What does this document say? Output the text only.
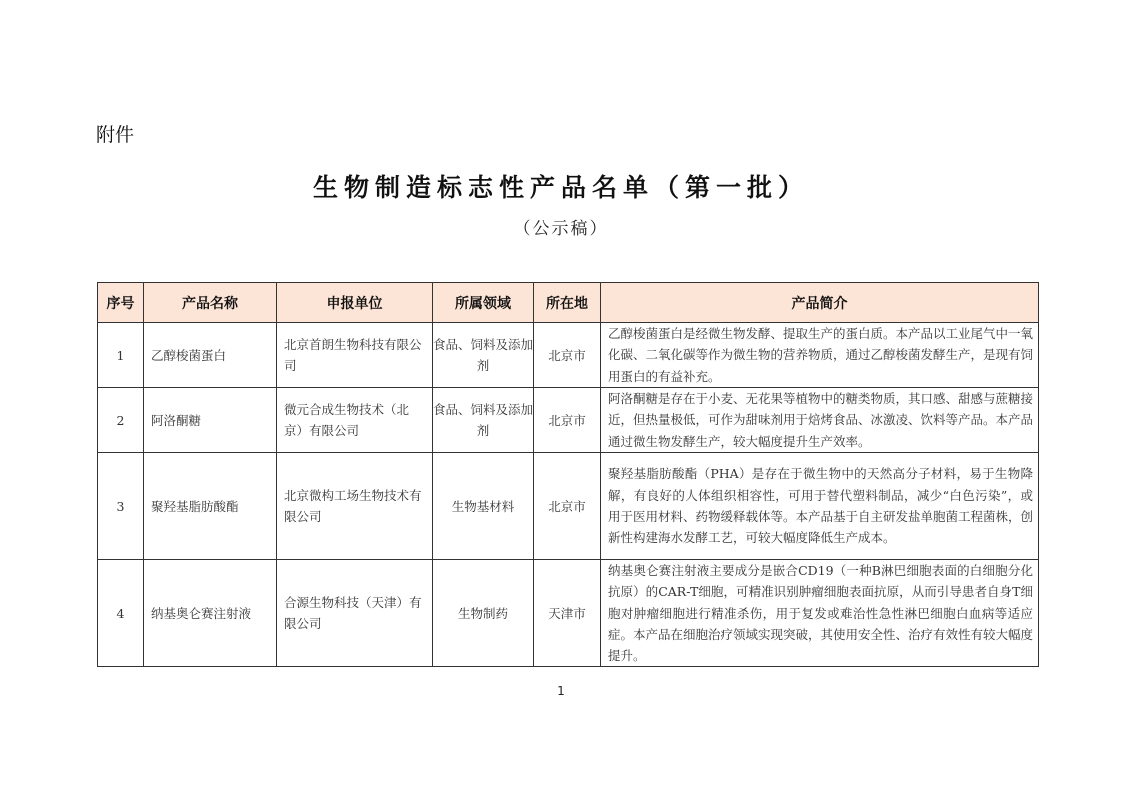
附件
生物制造标志性产品名单（第一批）
（公示稿）
序号	产品名称	申报单位	所属领域	所在地	产品简介
1	乙醇梭菌蛋白	北京首朗生物科技有限公司	食品、饲料及添加剂	北京市	乙醇梭菌蛋白是经微生物发酵、提取生产的蛋白质。本产品以工业尾气中一氧化碳、二氧化碳等作为微生物的营养物质，通过乙醇梭菌发酵生产，是现有饲用蛋白的有益补充。
2	阿洛酮糖	微元合成生物技术（北京）有限公司	食品、饲料及添加剂	北京市	阿洛酮糖是存在于小麦、无花果等植物中的糖类物质，其口感、甜感与蔗糖接近，但热量极低，可作为甜味剂用于焙烤食品、冰激凌、饮料等产品。本产品通过微生物发酵生产，较大幅度提升生产效率。
3	聚羟基脂肪酸酯	北京微构工场生物技术有限公司	生物基材料	北京市	聚羟基脂肪酸酯（PHA）是存在于微生物中的天然高分子材料，易于生物降解，有良好的人体组织相容性，可用于替代塑料制品，减少“白色污染”，或用于医用材料、药物缓释载体等。本产品基于自主研发盐单胞菌工程菌株，创新性构建海水发酵工艺，可较大幅度降低生产成本。
4	纳基奥仑赛注射液	合源生物科技（天津）有限公司	生物制药	天津市	纳基奥仑赛注射液主要成分是嵌合CD19（一种B淋巴细胞表面的白细胞分化抗原）的CAR-T细胞，可精准识别肿瘤细胞表面抗原，从而引导患者自身T细胞对肿瘤细胞进行精准杀伤，用于复发或难治性急性淋巴细胞白血病等适应症。本产品在细胞治疗领域实现突破，其使用安全性、治疗有效性有较大幅度提升。
1
